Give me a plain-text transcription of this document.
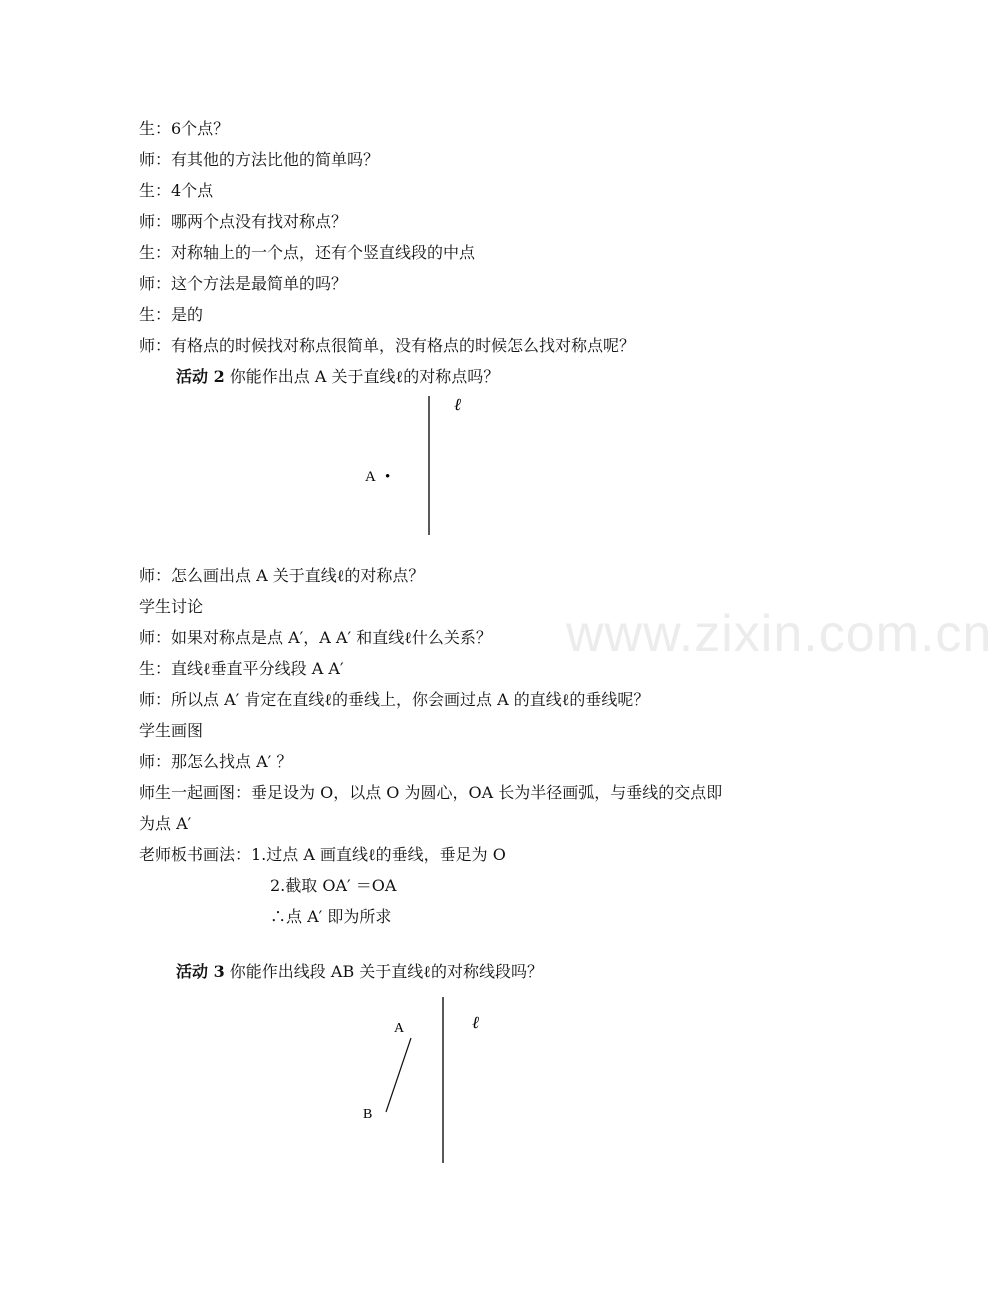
www.zixin.com.cn
生：6个点？
师：有其他的方法比他的简单吗？
生：4个点
师：哪两个点没有找对称点？
生：对称轴上的一个点，还有个竖直线段的中点
师：这个方法是最简单的吗？
生：是的
师：有格点的时候找对称点很简单，没有格点的时候怎么找对称点呢？
活动 2 你能作出点 A 关于直线ℓ的对称点吗？
ℓ
A •
师：怎么画出点 A 关于直线ℓ的对称点？
学生讨论
师：如果对称点是点 A′，A A′ 和直线ℓ什么关系？
生：直线ℓ垂直平分线段 A A′
师：所以点 A′ 肯定在直线ℓ的垂线上，你会画过点 A 的直线ℓ的垂线呢？
学生画图
师：那怎么找点 A′ ？
师生一起画图：垂足设为 O，以点 O 为圆心，OA 长为半径画弧，与垂线的交点即
为点 A′
老师板书画法：1.过点 A 画直线ℓ的垂线，垂足为 O
2.截取 OA′ ＝OA
∴点 A′ 即为所求
活动 3 你能作出线段 AB 关于直线ℓ的对称线段吗？
ℓ
A
B
